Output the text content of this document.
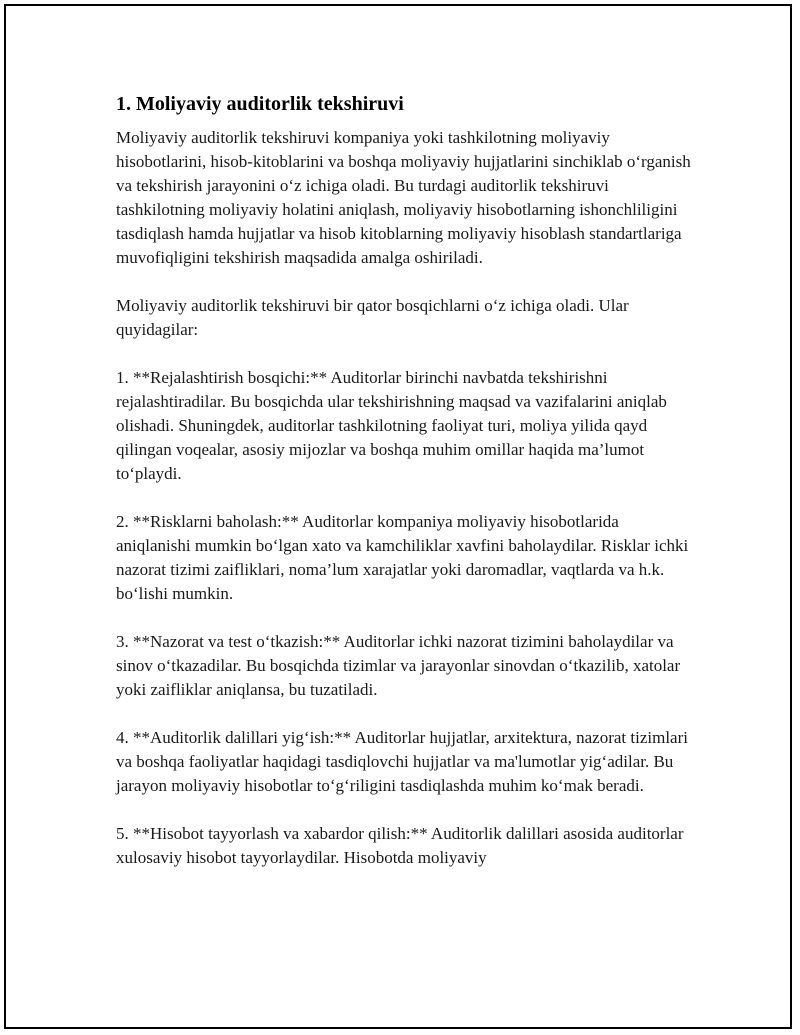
1. Moliyaviy auditorlik tekshiruvi

Moliyaviy auditorlik tekshiruvi kompaniya yoki tashkilotning moliyaviy hisobotlarini, hisob-kitoblarini va boshqa moliyaviy hujjatlarini sinchiklab o‘rganish va tekshirish jarayonini o‘z ichiga oladi. Bu turdagi auditorlik tekshiruvi tashkilotning moliyaviy holatini aniqlash, moliyaviy hisobotlarning ishonchliligini tasdiqlash hamda hujjatlar va hisob kitoblarning moliyaviy hisoblash standartlariga muvofiqligini tekshirish maqsadida amalga oshiriladi.

Moliyaviy auditorlik tekshiruvi bir qator bosqichlarni o‘z ichiga oladi. Ular quyidagilar:

1. **Rejalashtirish bosqichi:** Auditorlar birinchi navbatda tekshirishni rejalashtiradilar. Bu bosqichda ular tekshirishning maqsad va vazifalarini aniqlab olishadi. Shuningdek, auditorlar tashkilotning faoliyat turi, moliya yilida qayd qilingan voqealar, asosiy mijozlar va boshqa muhim omillar haqida ma’lumot to‘playdi.

2. **Risklarni baholash:** Auditorlar kompaniya moliyaviy hisobotlarida aniqlanishi mumkin bo‘lgan xato va kamchiliklar xavfini baholaydilar. Risklar ichki nazorat tizimi zaifliklari, noma’lum xarajatlar yoki daromadlar, vaqtlarda va h.k. bo‘lishi mumkin.

3. **Nazorat va test o‘tkazish:** Auditorlar ichki nazorat tizimini baholaydilar va sinov o‘tkazadilar. Bu bosqichda tizimlar va jarayonlar sinovdan o‘tkazilib, xatolar yoki zaifliklar aniqlansa, bu tuzatiladi.

4. **Auditorlik dalillari yig‘ish:** Auditorlar hujjatlar, arxitektura, nazorat tizimlari va boshqa faoliyatlar haqidagi tasdiqlovchi hujjatlar va ma'lumotlar yig‘adilar. Bu jarayon moliyaviy hisobotlar to‘g‘riligini tasdiqlashda muhim ko‘mak beradi.

5. **Hisobot tayyorlash va xabardor qilish:** Auditorlik dalillari asosida auditorlar xulosaviy hisobot tayyorlaydilar. Hisobotda moliyaviy
